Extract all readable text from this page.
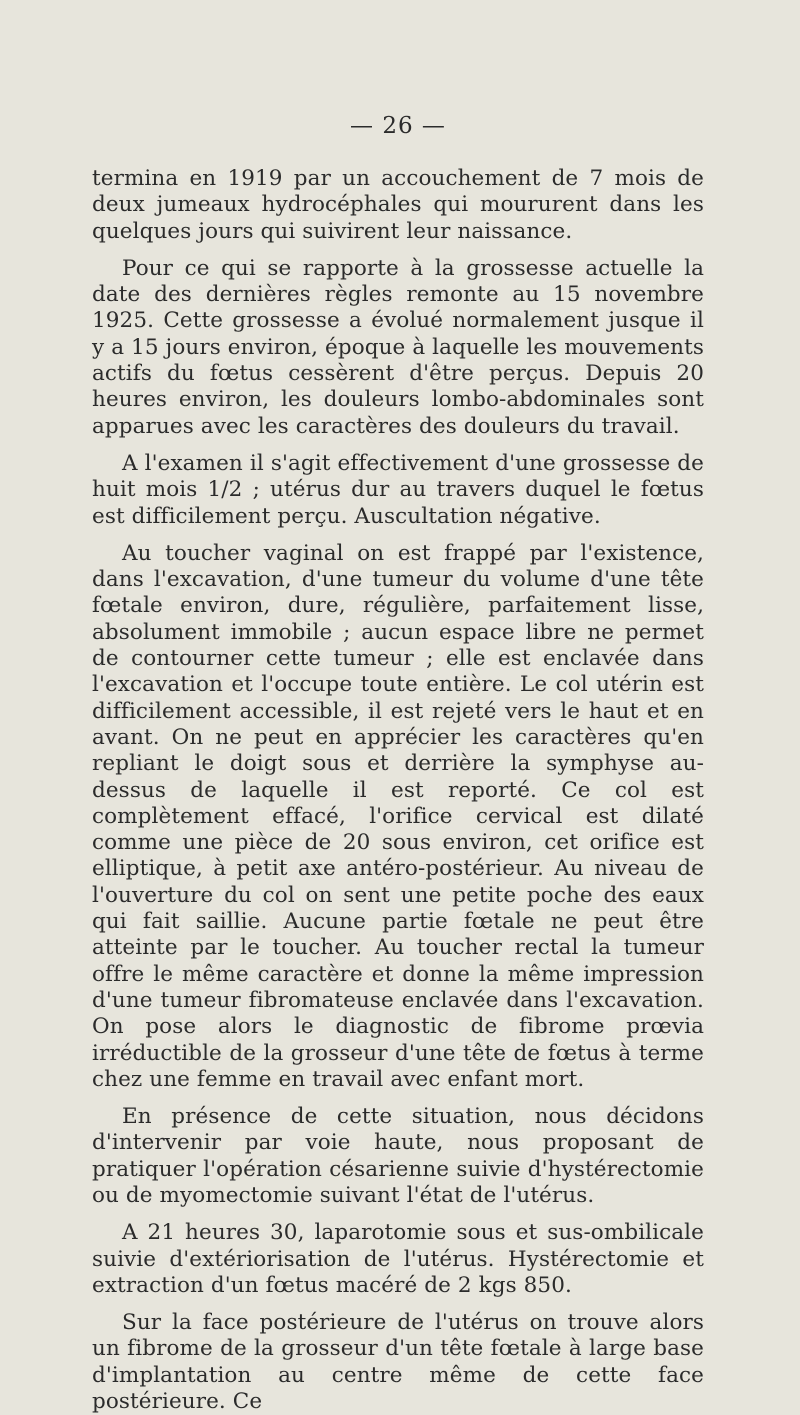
— 26 —

termina en 1919 par un accouchement de 7 mois de deux jumeaux hydrocéphales qui moururent dans les quelques jours qui suivirent leur naissance.

Pour ce qui se rapporte à la grossesse actuelle la date des dernières règles remonte au 15 novembre 1925. Cette grossesse a évolué normalement jusque il y a 15 jours environ, époque à laquelle les mouvements actifs du fœtus cessèrent d'être perçus. Depuis 20 heures environ, les douleurs lombo-abdominales sont apparues avec les caractères des douleurs du travail.

A l'examen il s'agit effectivement d'une grossesse de huit mois 1/2 ; utérus dur au travers duquel le fœtus est difficilement perçu. Auscultation négative.

Au toucher vaginal on est frappé par l'existence, dans l'excavation, d'une tumeur du volume d'une tête fœtale environ, dure, régulière, parfaitement lisse, absolument immobile ; aucun espace libre ne permet de contourner cette tumeur ; elle est enclavée dans l'excavation et l'occupe toute entière. Le col utérin est difficilement accessible, il est rejeté vers le haut et en avant. On ne peut en apprécier les caractères qu'en repliant le doigt sous et derrière la symphyse au-dessus de laquelle il est reporté. Ce col est complètement effacé, l'orifice cervical est dilaté comme une pièce de 20 sous environ, cet orifice est elliptique, à petit axe antéro-postérieur. Au niveau de l'ouverture du col on sent une petite poche des eaux qui fait saillie. Aucune partie fœtale ne peut être atteinte par le toucher. Au toucher rectal la tumeur offre le même caractère et donne la même impression d'une tumeur fibromateuse enclavée dans l'excavation. On pose alors le diagnostic de fibrome prœvia irréductible de la grosseur d'une tête de fœtus à terme chez une femme en travail avec enfant mort.

En présence de cette situation, nous décidons d'intervenir par voie haute, nous proposant de pratiquer l'opération césarienne suivie d'hystérectomie ou de myomectomie suivant l'état de l'utérus.

A 21 heures 30, laparotomie sous et sus-ombilicale suivie d'extériorisation de l'utérus. Hystérectomie et extraction d'un fœtus macéré de 2 kgs 850.

Sur la face postérieure de l'utérus on trouve alors un fibrome de la grosseur d'un tête fœtale à large base d'implantation au centre même de cette face postérieure. Ce
